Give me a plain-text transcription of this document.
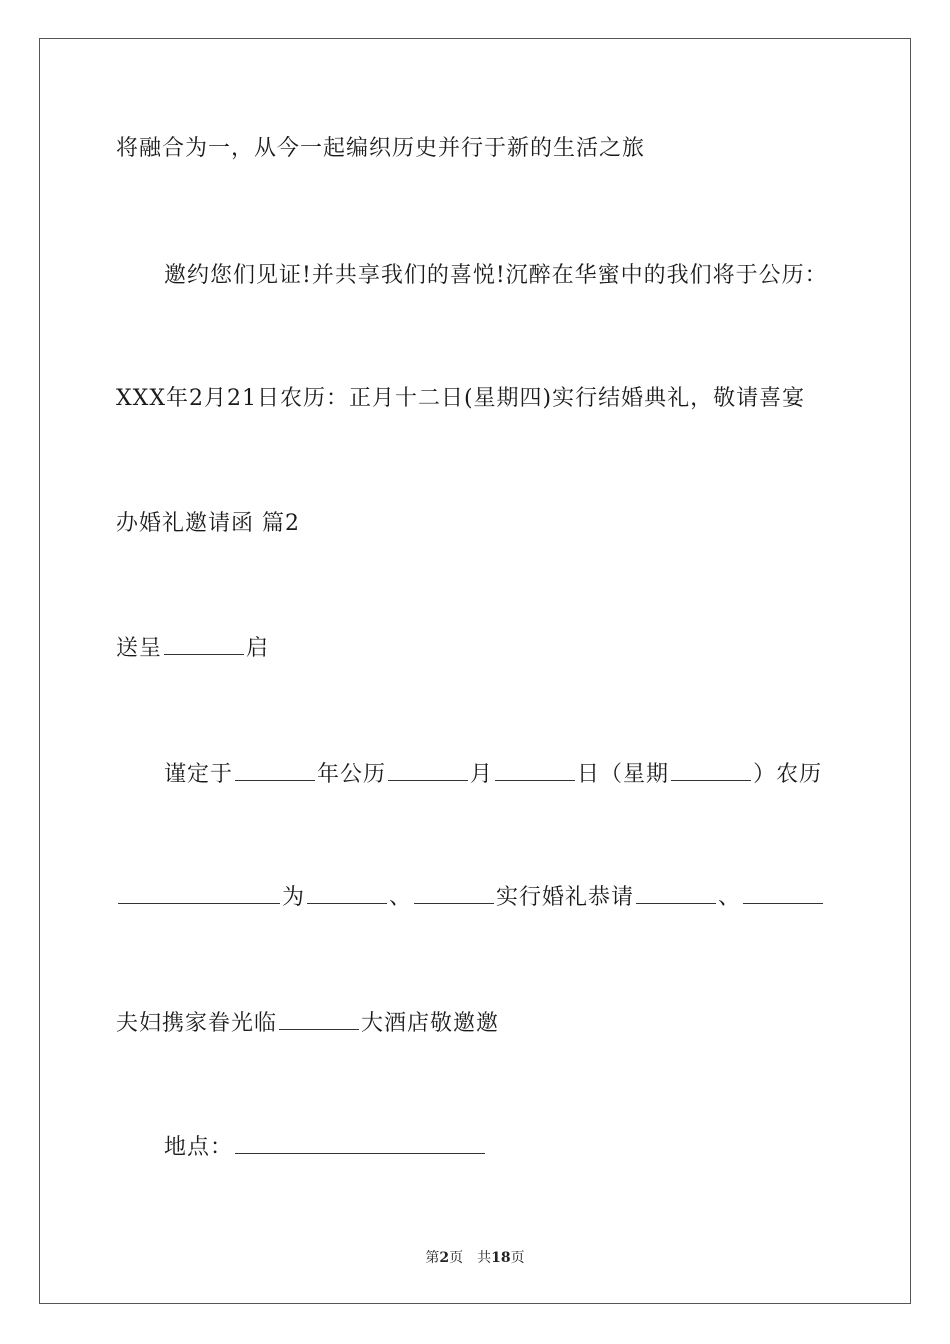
将融合为一，从今一起编织历史并行于新的生活之旅
邀约您们见证!并共享我们的喜悦!沉醉在华蜜中的我们将于公历：
XXX年2月21日农历：正月十二日(星期四)实行结婚典礼，敬请喜宴
办婚礼邀请函 篇2
送呈	启
谨定于	年公历	月	日（星期	）农历
为	、	实行婚礼恭请	、
夫妇携家眷光临	大酒店敬邀邀
地点：
第2页 共18页
